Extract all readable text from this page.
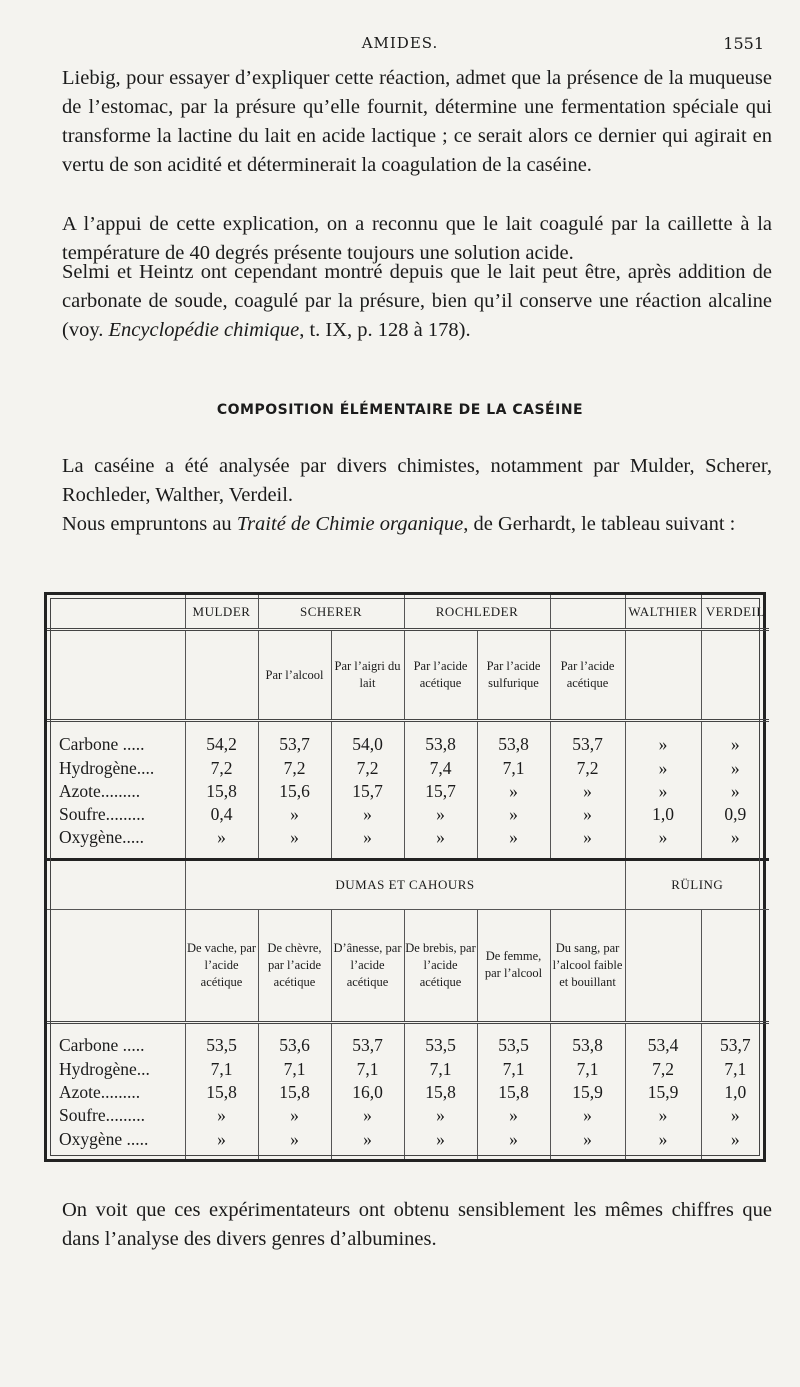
AMIDES.	1551

Liebig, pour essayer d’expliquer cette réaction, admet que la présence de la muqueuse de l’estomac, par la présure qu’elle fournit, détermine une fermentation spéciale qui transforme la lactine du lait en acide lactique ; ce serait alors ce dernier qui agirait en vertu de son acidité et déterminerait la coagulation de la caséine.

A l’appui de cette explication, on a reconnu que le lait coagulé par la caillette à la température de 40 degrés présente toujours une solution acide.

Selmi et Heintz ont cependant montré depuis que le lait peut être, après addition de carbonate de soude, coagulé par la présure, bien qu’il conserve une réaction alcaline (voy. Encyclopédie chimique, t. IX, p. 128 à 178).

COMPOSITION ÉLÉMENTAIRE DE LA CASÉINE

La caséine a été analysée par divers chimistes, notamment par Mulder, Scherer, Rochleder, Walther, Verdeil.

Nous empruntons au Traité de Chimie organique, de Gerhardt, le tableau suivant :

	MULDER	SCHERER		ROCHLEDER			WALTHIER	VERDEIL
		Par l’alcool	Par l’aigri du lait	Par l’acide acétique	Par l’acide sulfurique	Par l’acide acétique		
Carbone .....	54,2	53,7	54,0	53,8	53,8	53,7	»	»
Hydrogène....	7,2	7,2	7,2	7,4	7,1	7,2	»	»
Azote.........	15,8	15,6	15,7	15,7	»	»	»	»
Soufre.........	0,4	»	»	»	»	»	1,0	0,9
Oxygène.....	»	»	»	»	»	»	»	»
	DUMAS ET CAHOURS						RÜLING	
	De vache, par l’acide acétique	De chèvre, par l’acide acétique	D’ânesse, par l’acide acétique	De brebis, par l’acide acétique	De femme, par l’alcool	Du sang, par l’alcool faible et bouillant		
Carbone .....	53,5	53,6	53,7	53,5	53,5	53,8	53,4	53,7
Hydrogène...	7,1	7,1	7,1	7,1	7,1	7,1	7,2	7,1
Azote.........	15,8	15,8	16,0	15,8	15,8	15,9	15,9	1,0
Soufre.........	»	»	»	»	»	»	»	»
Oxygène .....	»	»	»	»	»	»	»	»

On voit que ces expérimentateurs ont obtenu sensiblement les mêmes chiffres que dans l’analyse des divers genres d’albumines.
